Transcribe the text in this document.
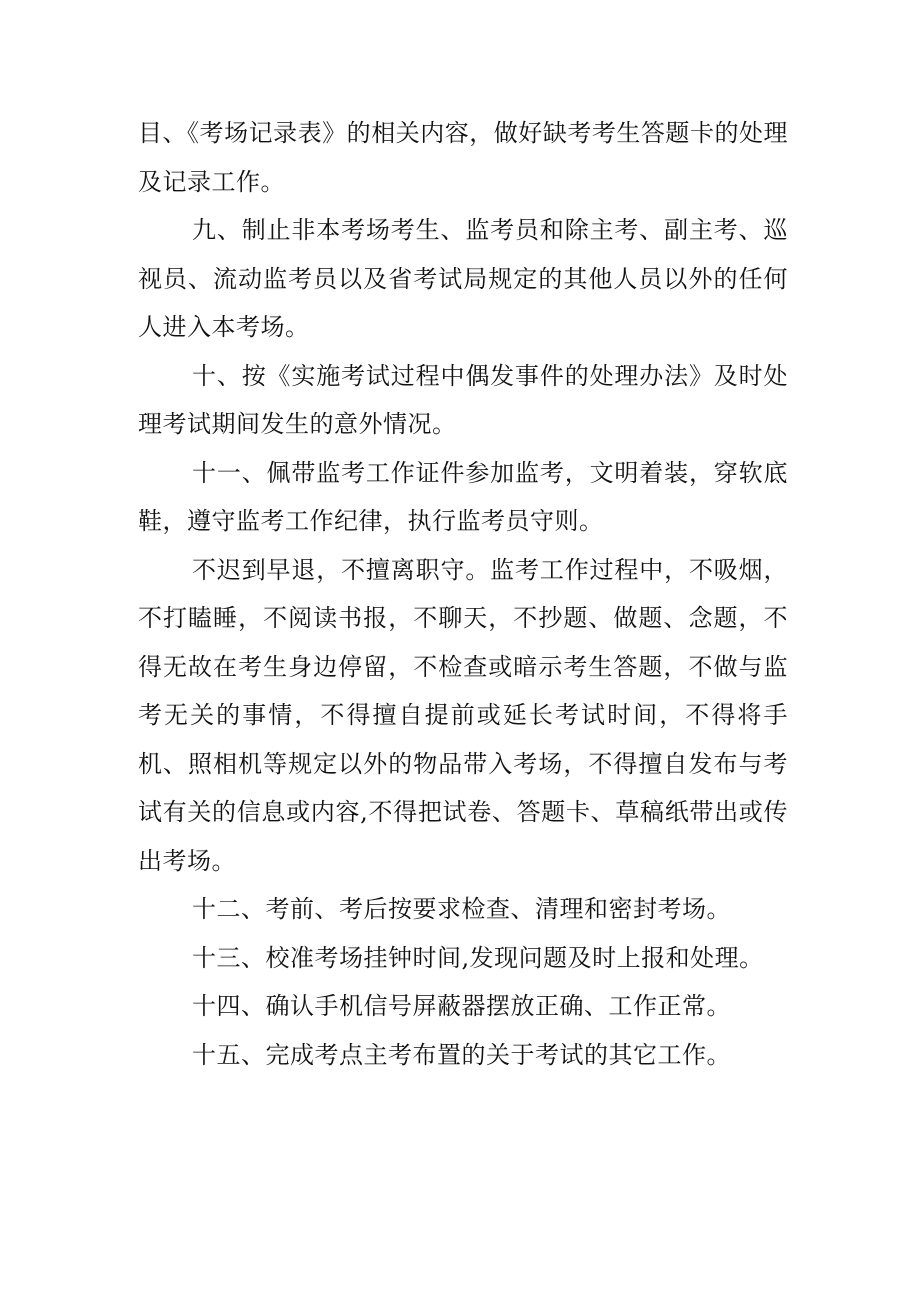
目、《考场记录表》的相关内容，做好缺考考生答题卡的处理及记录工作。

九、制止非本考场考生、监考员和除主考、副主考、巡视员、流动监考员以及省考试局规定的其他人员以外的任何人进入本考场。

十、按《实施考试过程中偶发事件的处理办法》及时处理考试期间发生的意外情况。

十一、佩带监考工作证件参加监考，文明着装，穿软底鞋，遵守监考工作纪律，执行监考员守则。

不迟到早退，不擅离职守。监考工作过程中，不吸烟，不打瞌睡，不阅读书报，不聊天，不抄题、做题、念题，不得无故在考生身边停留，不检查或暗示考生答题，不做与监考无关的事情，不得擅自提前或延长考试时间，不得将手机、照相机等规定以外的物品带入考场，不得擅自发布与考试有关的信息或内容,不得把试卷、答题卡、草稿纸带出或传出考场。

十二、考前、考后按要求检查、清理和密封考场。

十三、校准考场挂钟时间,发现问题及时上报和处理。

十四、确认手机信号屏蔽器摆放正确、工作正常。

十五、完成考点主考布置的关于考试的其它工作。
